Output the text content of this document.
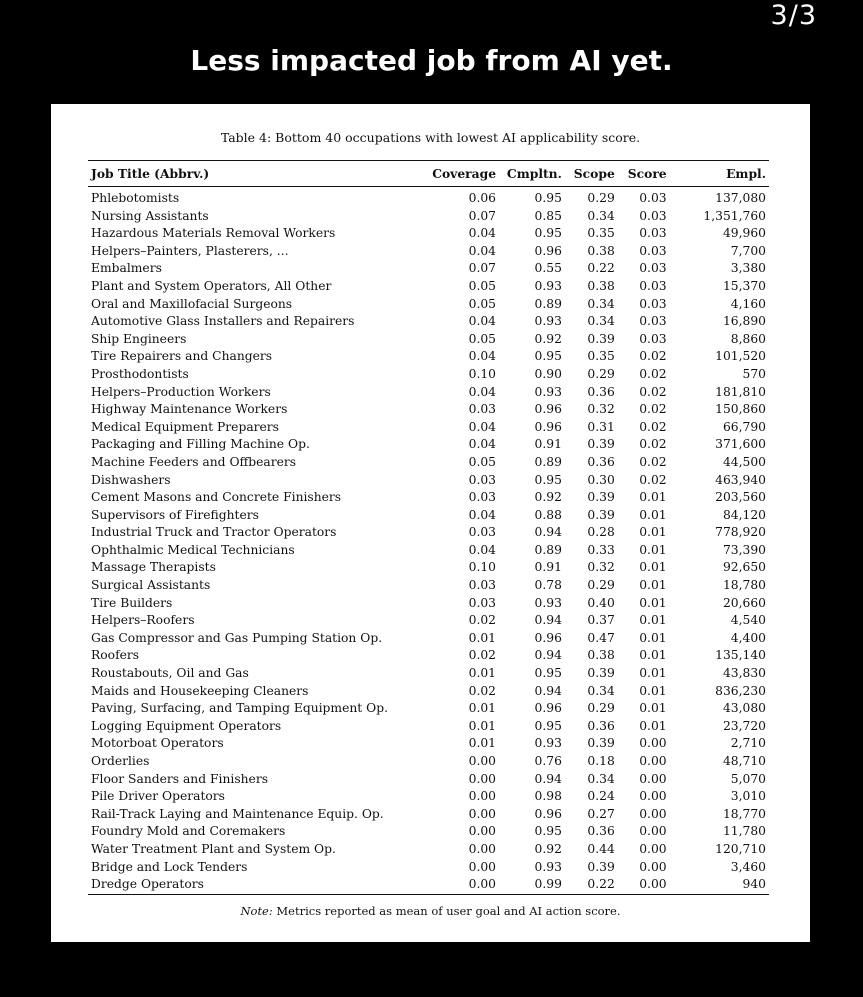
3/3
Less impacted job from AI yet.
Table 4: Bottom 40 occupations with lowest AI applicability score.
Job Title (Abbrv.)	Coverage	Cmpltn.	Scope	Score	Empl.
Phlebotomists	0.06	0.95	0.29	0.03	137,080
Nursing Assistants	0.07	0.85	0.34	0.03	1,351,760
Hazardous Materials Removal Workers	0.04	0.95	0.35	0.03	49,960
Helpers–Painters, Plasterers, ...	0.04	0.96	0.38	0.03	7,700
Embalmers	0.07	0.55	0.22	0.03	3,380
Plant and System Operators, All Other	0.05	0.93	0.38	0.03	15,370
Oral and Maxillofacial Surgeons	0.05	0.89	0.34	0.03	4,160
Automotive Glass Installers and Repairers	0.04	0.93	0.34	0.03	16,890
Ship Engineers	0.05	0.92	0.39	0.03	8,860
Tire Repairers and Changers	0.04	0.95	0.35	0.02	101,520
Prosthodontists	0.10	0.90	0.29	0.02	570
Helpers–Production Workers	0.04	0.93	0.36	0.02	181,810
Highway Maintenance Workers	0.03	0.96	0.32	0.02	150,860
Medical Equipment Preparers	0.04	0.96	0.31	0.02	66,790
Packaging and Filling Machine Op.	0.04	0.91	0.39	0.02	371,600
Machine Feeders and Offbearers	0.05	0.89	0.36	0.02	44,500
Dishwashers	0.03	0.95	0.30	0.02	463,940
Cement Masons and Concrete Finishers	0.03	0.92	0.39	0.01	203,560
Supervisors of Firefighters	0.04	0.88	0.39	0.01	84,120
Industrial Truck and Tractor Operators	0.03	0.94	0.28	0.01	778,920
Ophthalmic Medical Technicians	0.04	0.89	0.33	0.01	73,390
Massage Therapists	0.10	0.91	0.32	0.01	92,650
Surgical Assistants	0.03	0.78	0.29	0.01	18,780
Tire Builders	0.03	0.93	0.40	0.01	20,660
Helpers–Roofers	0.02	0.94	0.37	0.01	4,540
Gas Compressor and Gas Pumping Station Op.	0.01	0.96	0.47	0.01	4,400
Roofers	0.02	0.94	0.38	0.01	135,140
Roustabouts, Oil and Gas	0.01	0.95	0.39	0.01	43,830
Maids and Housekeeping Cleaners	0.02	0.94	0.34	0.01	836,230
Paving, Surfacing, and Tamping Equipment Op.	0.01	0.96	0.29	0.01	43,080
Logging Equipment Operators	0.01	0.95	0.36	0.01	23,720
Motorboat Operators	0.01	0.93	0.39	0.00	2,710
Orderlies	0.00	0.76	0.18	0.00	48,710
Floor Sanders and Finishers	0.00	0.94	0.34	0.00	5,070
Pile Driver Operators	0.00	0.98	0.24	0.00	3,010
Rail-Track Laying and Maintenance Equip. Op.	0.00	0.96	0.27	0.00	18,770
Foundry Mold and Coremakers	0.00	0.95	0.36	0.00	11,780
Water Treatment Plant and System Op.	0.00	0.92	0.44	0.00	120,710
Bridge and Lock Tenders	0.00	0.93	0.39	0.00	3,460
Dredge Operators	0.00	0.99	0.22	0.00	940
Note: Metrics reported as mean of user goal and AI action score.
